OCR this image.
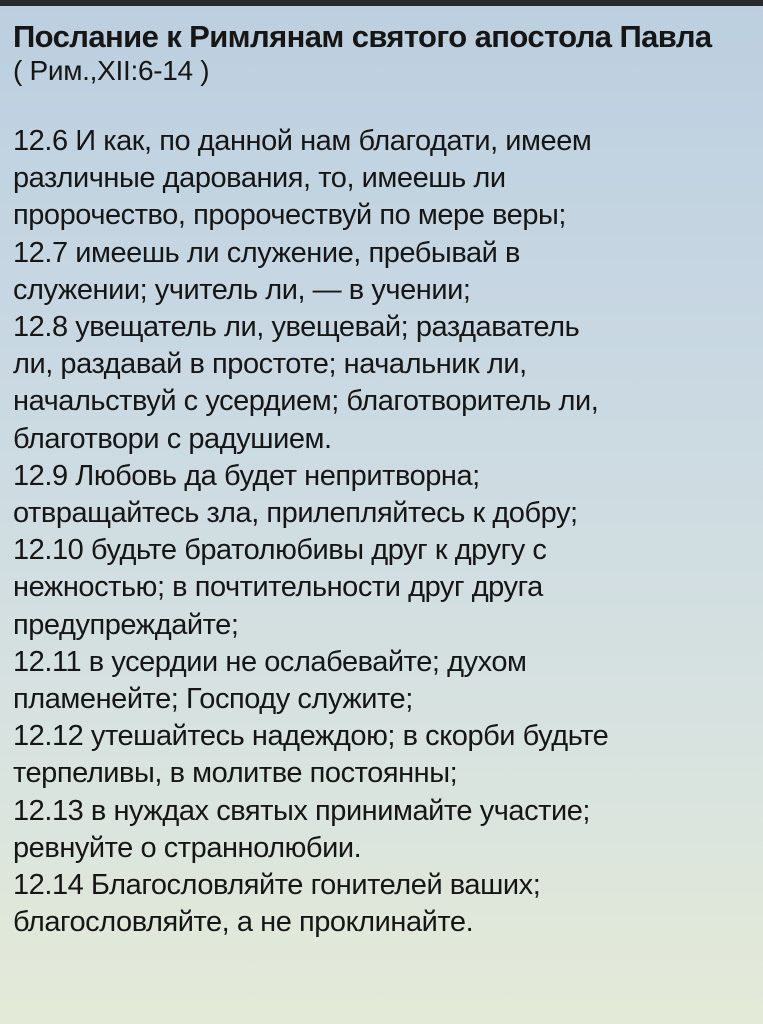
Послание к Римлянам святого апостола Павла

( Рим.,XII:6-14 )

12.6 И как, по данной нам благодати, имеем

различные дарования, то, имеешь ли

пророчество, пророчествуй по мере веры;

12.7 имеешь ли служение, пребывай в

служении; учитель ли, — в учении;

12.8 увещатель ли, увещевай; раздаватель

ли, раздавай в простоте; начальник ли,

начальствуй с усердием; благотворитель ли,

благотвори с радушием.

12.9 Любовь да будет непритворна;

отвращайтесь зла, прилепляйтесь к добру;

12.10 будьте братолюбивы друг к другу с

нежностью; в почтительности друг друга

предупреждайте;

12.11 в усердии не ослабевайте; духом

пламенейте; Господу служите;

12.12 утешайтесь надеждою; в скорби будьте

терпеливы, в молитве постоянны;

12.13 в нуждах святых принимайте участие;

ревнуйте о страннолюбии.

12.14 Благословляйте гонителей ваших;

благословляйте, а не проклинайте.
